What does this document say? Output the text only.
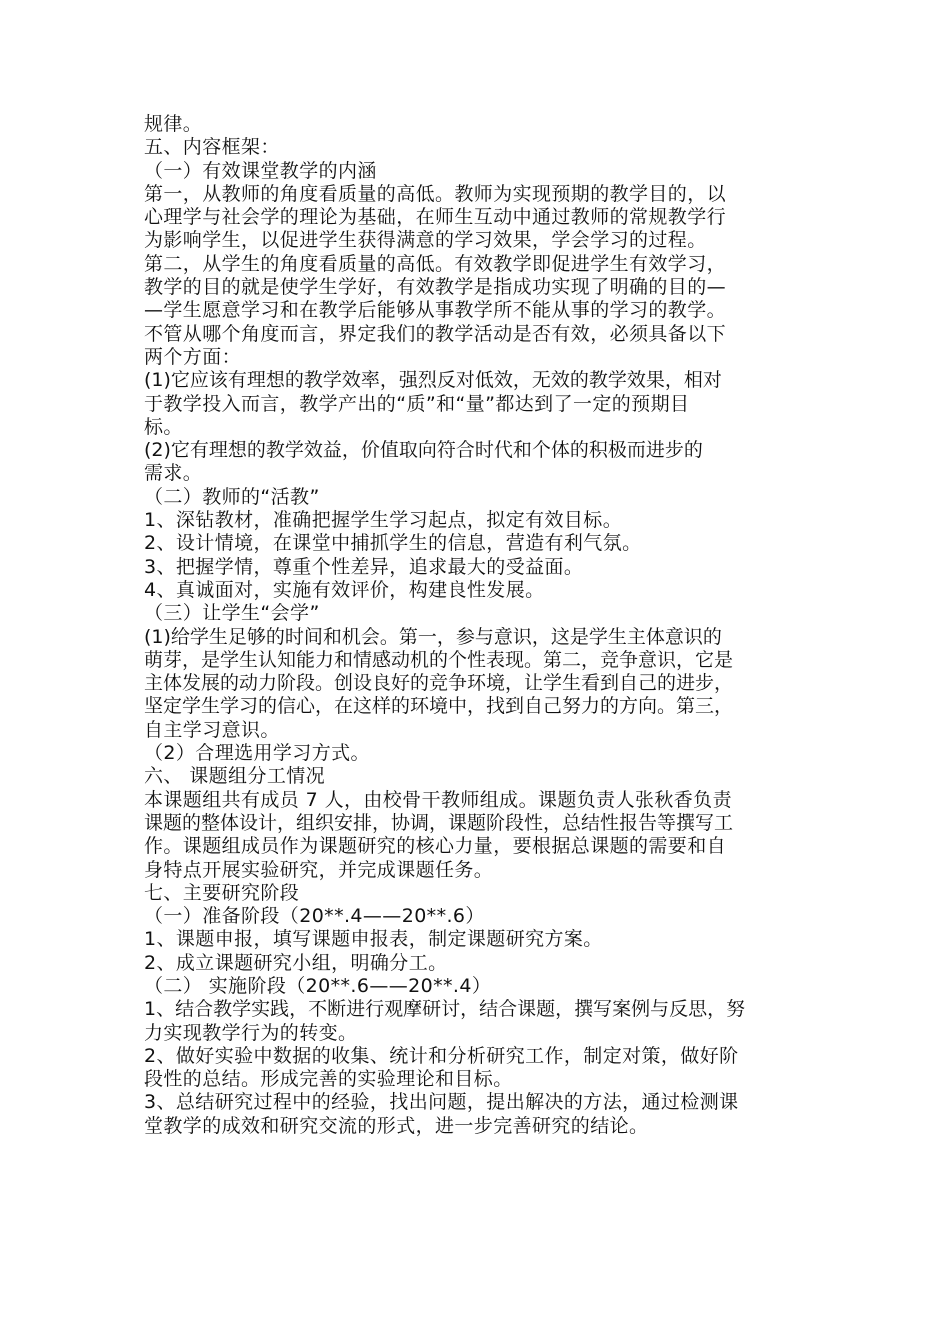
规律。
五、内容框架：
（一）有效课堂教学的内涵
第一，从教师的角度看质量的高低。教师为实现预期的教学目的，以
心理学与社会学的理论为基础，在师生互动中通过教师的常规教学行
为影响学生，以促进学生获得满意的学习效果，学会学习的过程。
第二，从学生的角度看质量的高低。有效教学即促进学生有效学习，
教学的目的就是使学生学好，有效教学是指成功实现了明确的目的—
—学生愿意学习和在教学后能够从事教学所不能从事的学习的教学。
不管从哪个角度而言，界定我们的教学活动是否有效，必须具备以下
两个方面：
(1)它应该有理想的教学效率，强烈反对低效，无效的教学效果，相对
于教学投入而言，教学产出的“质”和“量”都达到了一定的预期目
标。
(2)它有理想的教学效益，价值取向符合时代和个体的积极而进步的
需求。
（二）教师的“活教”
1、深钻教材，准确把握学生学习起点，拟定有效目标。
2、设计情境，在课堂中捕抓学生的信息，营造有利气氛。
3、把握学情，尊重个性差异，追求最大的受益面。
4、真诚面对，实施有效评价，构建良性发展。
（三）让学生“会学”
(1)给学生足够的时间和机会。第一，参与意识，这是学生主体意识的
萌芽，是学生认知能力和情感动机的个性表现。第二，竞争意识，它是
主体发展的动力阶段。创设良好的竞争环境，让学生看到自己的进步，
坚定学生学习的信心，在这样的环境中，找到自己努力的方向。第三，
自主学习意识。
（2）合理选用学习方式。
六、 课题组分工情况
本课题组共有成员 7 人，由校骨干教师组成。课题负责人张秋香负责
课题的整体设计，组织安排，协调，课题阶段性，总结性报告等撰写工
作。课题组成员作为课题研究的核心力量，要根据总课题的需要和自
身特点开展实验研究，并完成课题任务。
七、主要研究阶段
（一）准备阶段（20**.4——20**.6）
1、课题申报，填写课题申报表，制定课题研究方案。
2、成立课题研究小组，明确分工。
（二） 实施阶段（20**.6——20**.4）
1、结合教学实践，不断进行观摩研讨，结合课题，撰写案例与反思，努
力实现教学行为的转变。
2、做好实验中数据的收集、统计和分析研究工作，制定对策，做好阶
段性的总结。形成完善的实验理论和目标。
3、总结研究过程中的经验，找出问题，提出解决的方法，通过检测课
堂教学的成效和研究交流的形式，进一步完善研究的结论。
